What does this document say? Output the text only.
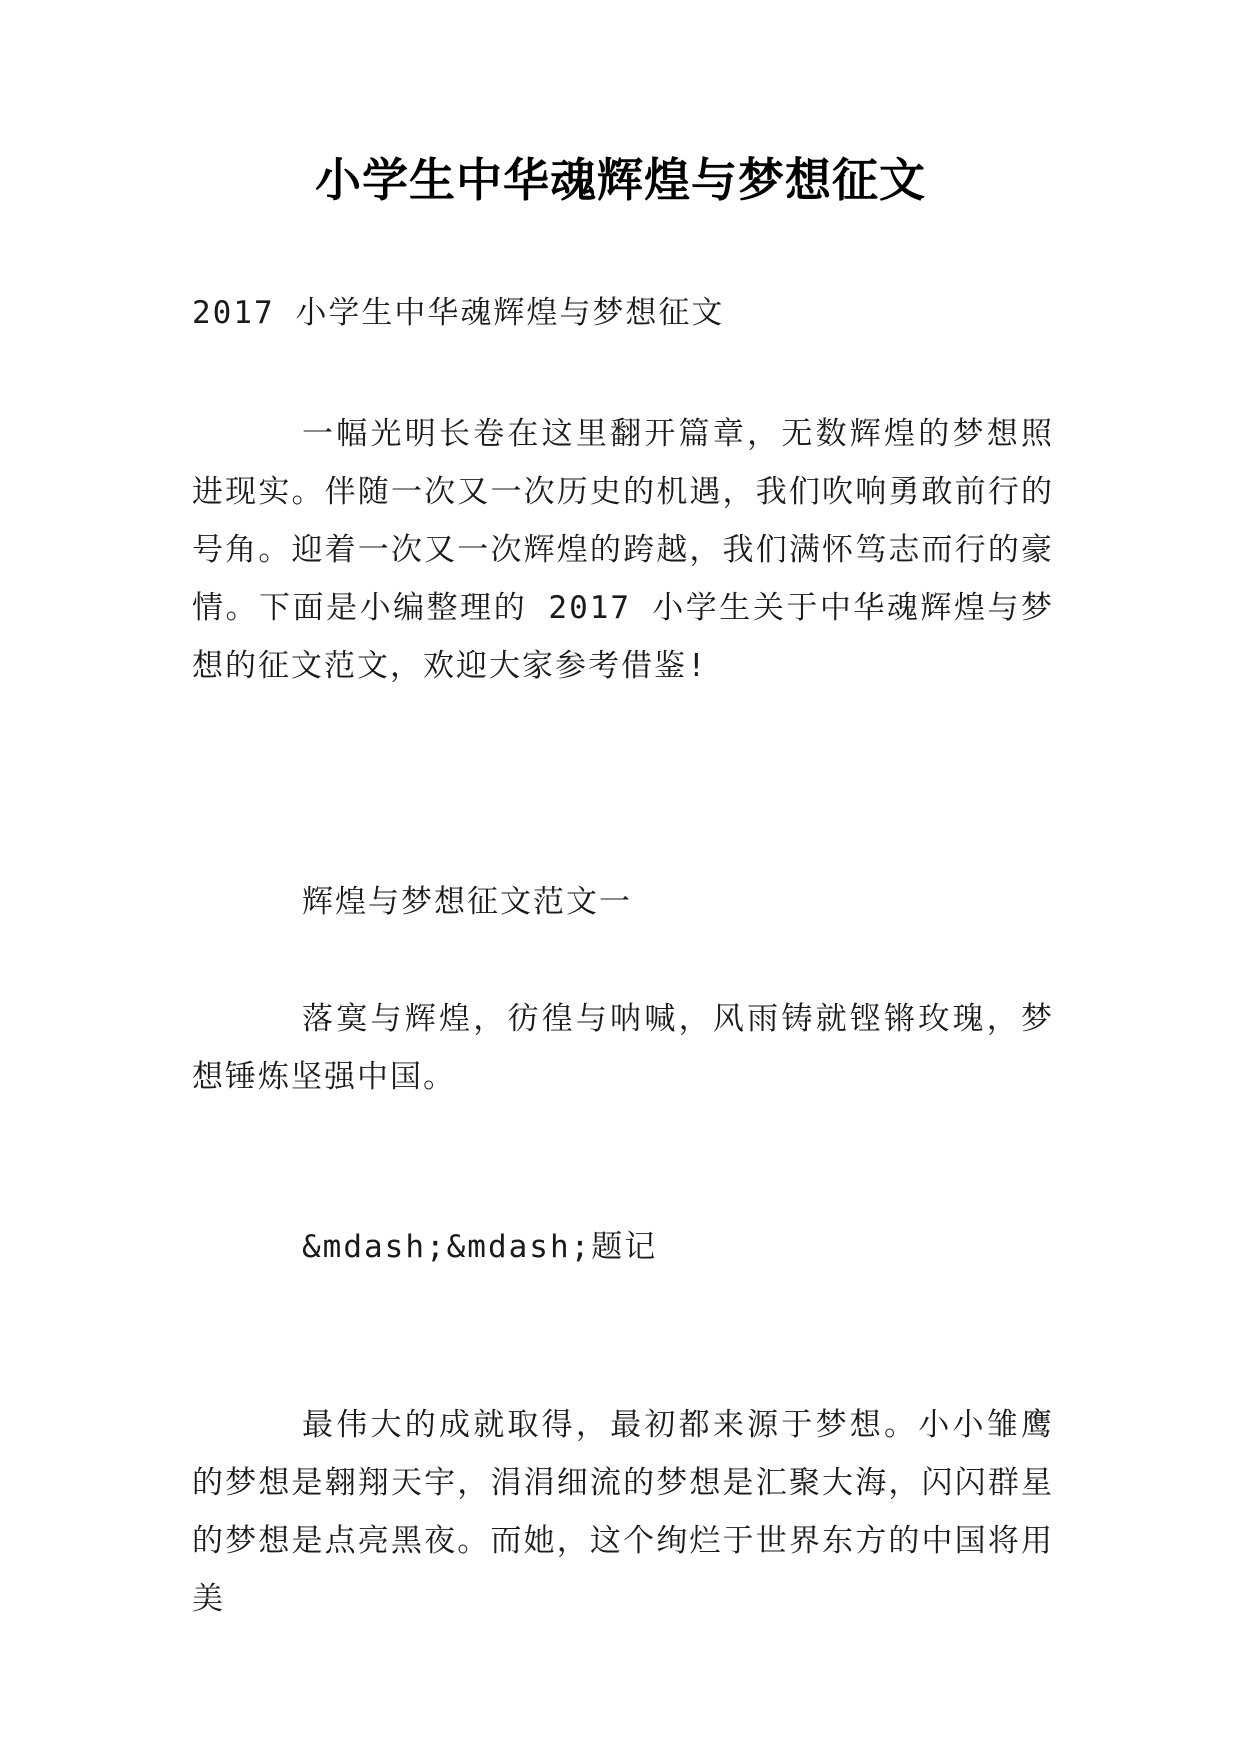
小学生中华魂辉煌与梦想征文

2017 小学生中华魂辉煌与梦想征文

一幅光明长卷在这里翻开篇章，无数辉煌的梦想照进现实。伴随一次又一次历史的机遇，我们吹响勇敢前行的号角。迎着一次又一次辉煌的跨越，我们满怀笃志而行的豪情。下面是小编整理的 2017 小学生关于中华魂辉煌与梦想的征文范文，欢迎大家参考借鉴!

辉煌与梦想征文范文一

落寞与辉煌，彷徨与呐喊，风雨铸就铿锵玫瑰，梦想锤炼坚强中国。

&mdash;&mdash;题记

最伟大的成就取得，最初都来源于梦想。小小雏鹰的梦想是翱翔天宇，涓涓细流的梦想是汇聚大海，闪闪群星的梦想是点亮黑夜。而她，这个绚烂于世界东方的中国将用美
